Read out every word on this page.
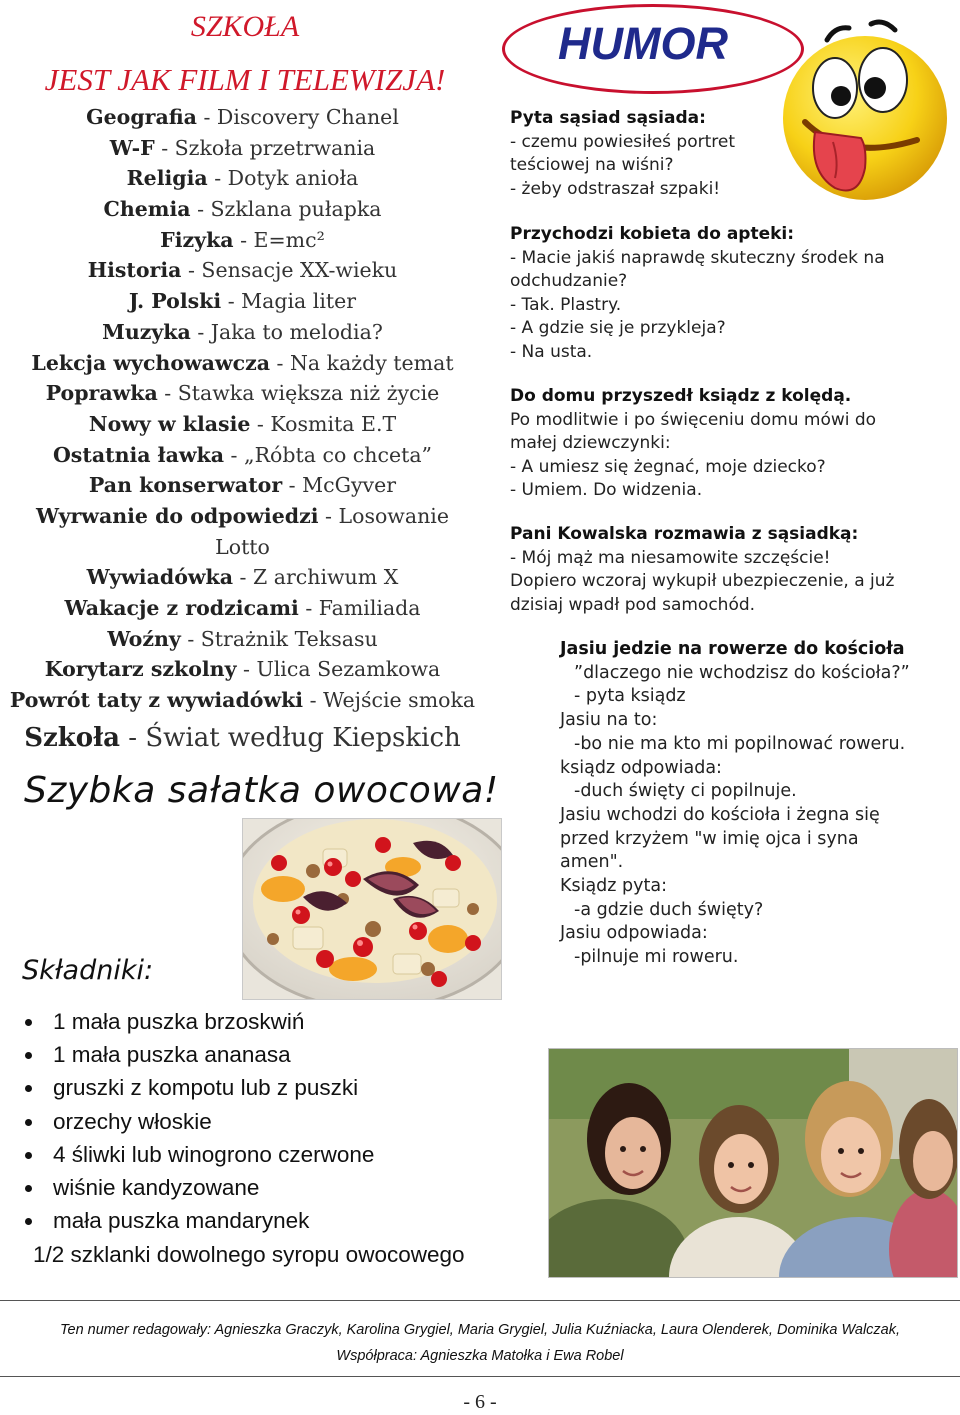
SZKOŁA
JEST JAK FILM I TELEWIZJA!
Geografia - Discovery Chanel
W-F - Szkoła przetrwania
Religia - Dotyk anioła
Chemia - Szklana pułapka
Fizyka - E=mc²
Historia - Sensacje XX-wieku
J. Polski - Magia liter
Muzyka - Jaka to melodia?
Lekcja wychowawcza - Na każdy temat
Poprawka - Stawka większa niż życie
Nowy w klasie - Kosmita E.T
Ostatnia ławka - „Róbta co chceta”
Pan konserwator - McGyver
Wyrwanie do odpowiedzi - Losowanie
Lotto
Wywiadówka - Z archiwum X
Wakacje z rodzicami - Familiada
Woźny - Strażnik Teksasu
Korytarz szkolny - Ulica Sezamkowa
Powrót taty z wywiadówki - Wejście smoka
Szkoła - Świat według Kiepskich
Szybka sałatka owocowa!
Składniki:
1 mała puszka brzoskwiń
1 mała puszka ananasa
gruszki z kompotu lub z puszki
orzechy włoskie
4 śliwki lub winogrono czerwone
wiśnie kandyzowane
mała puszka mandarynek
1/2 szklanki dowolnego syropu owocowego
HUMOR
Pyta sąsiad sąsiada:
- czemu powiesiłeś portret
teściowej na wiśni?
- żeby odstraszał szpaki!
Przychodzi kobieta do apteki:
- Macie jakiś naprawdę skuteczny środek na
odchudzanie?
- Tak. Plastry.
- A gdzie się je przykleja?
- Na usta.
Do domu przyszedł ksiądz z kolędą.
Po modlitwie i po święceniu domu mówi do
małej dziewczynki:
- A umiesz się żegnać, moje dziecko?
- Umiem. Do widzenia.
Pani Kowalska rozmawia z sąsiadką:
- Mój mąż ma niesamowite szczęście!
Dopiero wczoraj wykupił ubezpieczenie, a już
dzisiaj wpadł pod samochód.
Jasiu jedzie na rowerze do kościoła
”dlaczego nie wchodzisz do kościoła?”
- pyta ksiądz
Jasiu na to:
-bo nie ma kto mi popilnować roweru.
ksiądz odpowiada:
-duch święty ci popilnuje.
Jasiu wchodzi do kościoła i żegna się
przed krzyżem "w imię ojca i syna
amen".
Ksiądz pyta:
-a gdzie duch święty?
Jasiu odpowiada:
-pilnuje mi roweru.
Ten numer redagowały: Agnieszka Graczyk, Karolina Grygiel, Maria Grygiel, Julia Kuźniacka, Laura Olenderek, Dominika Walczak,
Współpraca: Agnieszka Matołka i Ewa Robel
- 6 -
